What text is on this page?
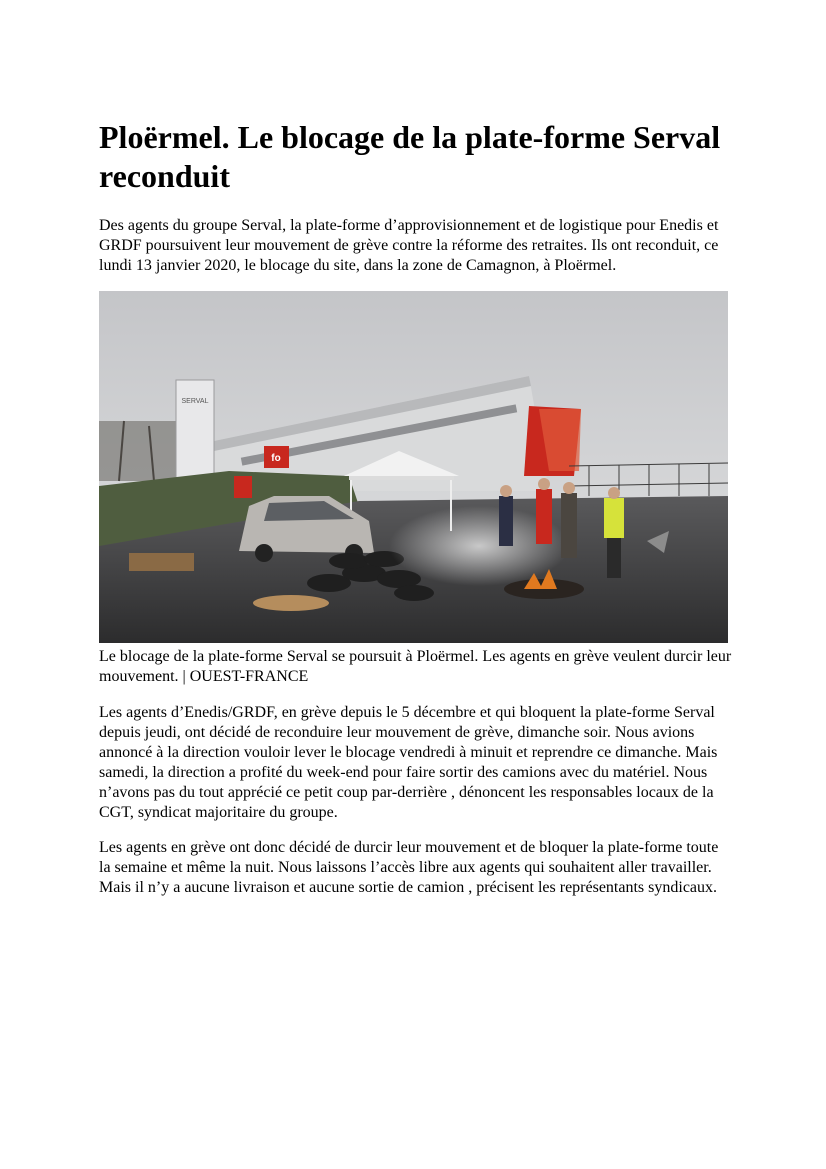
Ploërmel. Le blocage de la plate-forme Serval reconduit

Des agents du groupe Serval, la plate-forme d’approvisionnement et de logistique pour Enedis et GRDF poursuivent leur mouvement de grève contre la réforme des retraites. Ils ont reconduit, ce lundi 13 janvier 2020, le blocage du site, dans la zone de Camagnon, à Ploërmel.

SERVAL
fo

Le blocage de la plate-forme Serval se poursuit à Ploërmel. Les agents en grève veulent durcir leur mouvement. | OUEST-FRANCE

Les agents d’Enedis/GRDF, en grève depuis le 5 décembre et qui bloquent la plate-forme Serval depuis jeudi, ont décidé de reconduire leur mouvement de grève, dimanche soir. Nous avions annoncé à la direction vouloir lever le blocage vendredi à minuit et reprendre ce dimanche. Mais samedi, la direction a profité du week-end pour faire sortir des camions avec du matériel. Nous n’avons pas du tout apprécié ce petit coup par-derrière , dénoncent les responsables locaux de la CGT, syndicat majoritaire du groupe.

Les agents en grève ont donc décidé de durcir leur mouvement et de bloquer la plate-forme toute la semaine et même la nuit. Nous laissons l’accès libre aux agents qui souhaitent aller travailler. Mais il n’y a aucune livraison et aucune sortie de camion , précisent les représentants syndicaux.
